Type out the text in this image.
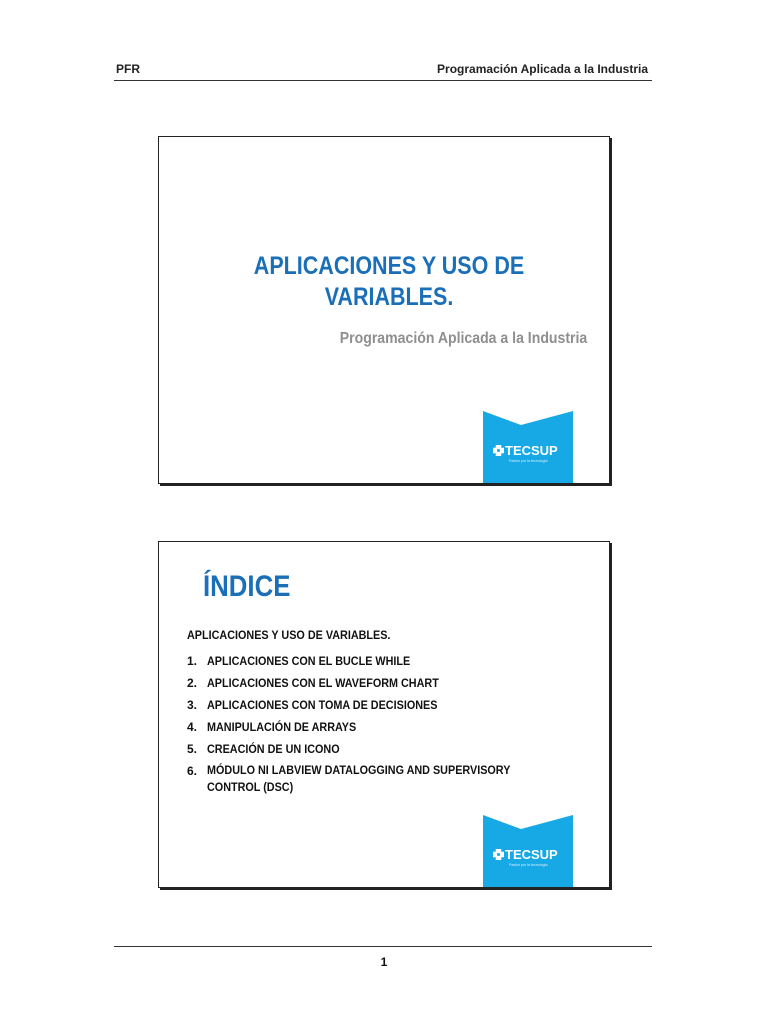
PFR	Programación Aplicada a la Industria
APLICACIONES Y USO DE
VARIABLES.
Programación Aplicada a la Industria
TECSUP
Pasión por la tecnología
ÍNDICE
APLICACIONES Y USO DE VARIABLES.
1. APLICACIONES CON EL BUCLE WHILE
2. APLICACIONES CON EL WAVEFORM CHART
3. APLICACIONES CON TOMA DE DECISIONES
4. MANIPULACIÓN DE ARRAYS
5. CREACIÓN DE UN ICONO
6. MÓDULO NI LABVIEW DATALOGGING AND SUPERVISORY CONTROL (DSC)
TECSUP
Pasión por la tecnología
1
